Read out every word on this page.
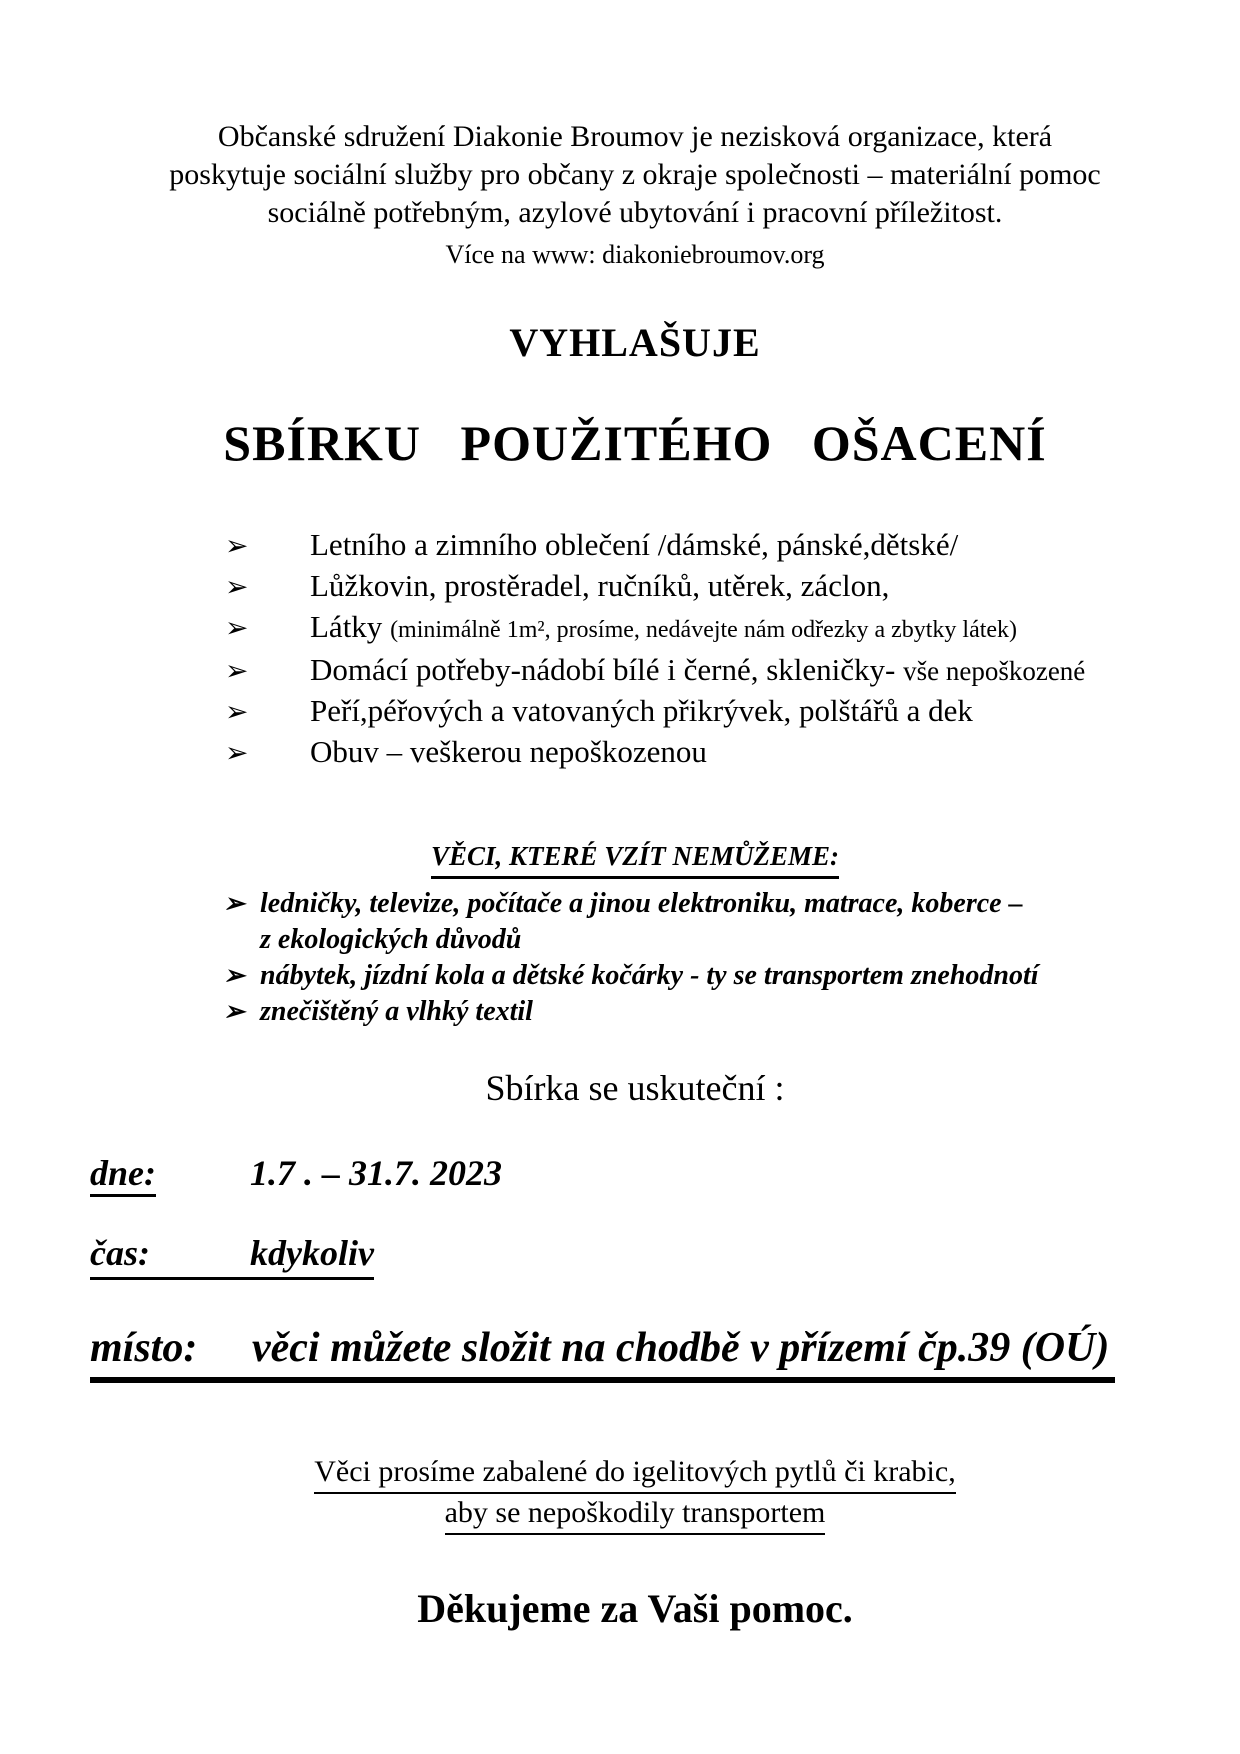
Občanské sdružení Diakonie Broumov je nezisková organizace, která
poskytuje sociální služby pro občany z okraje společnosti – materiální pomoc
sociálně potřebným, azylové ubytování i pracovní příležitost.
Více na www: diakoniebroumov.org
VYHLAŠUJE
SBÍRKU POUŽITÉHO OŠACENÍ
➢	Letního a zimního oblečení /dámské, pánské,dětské/
➢	Lůžkovin, prostěradel, ručníků, utěrek, záclon,
➢	Látky (minimálně 1m², prosíme, nedávejte nám odřezky a zbytky látek)
➢	Domácí potřeby-nádobí bílé i černé, skleničky- vše nepoškozené
➢	Peří,péřových a vatovaných přikrývek, polštářů a dek
➢	Obuv – veškerou nepoškozenou
VĚCI, KTERÉ VZÍT NEMŮŽEME:
➢ ledničky, televize, počítače a jinou elektroniku, matrace, koberce –
z ekologických důvodů
➢ nábytek, jízdní kola a dětské kočárky - ty se transportem znehodnotí
➢ znečištěný a vlhký textil
Sbírka se uskuteční :
dne:	1.7 . – 31.7. 2023
čas:	kdykoliv
místo: věci můžete složit na chodbě v přízemí čp.39 (OÚ)
Věci prosíme zabalené do igelitových pytlů či krabic,
aby se nepoškodily transportem
Děkujeme za Vaši pomoc.
